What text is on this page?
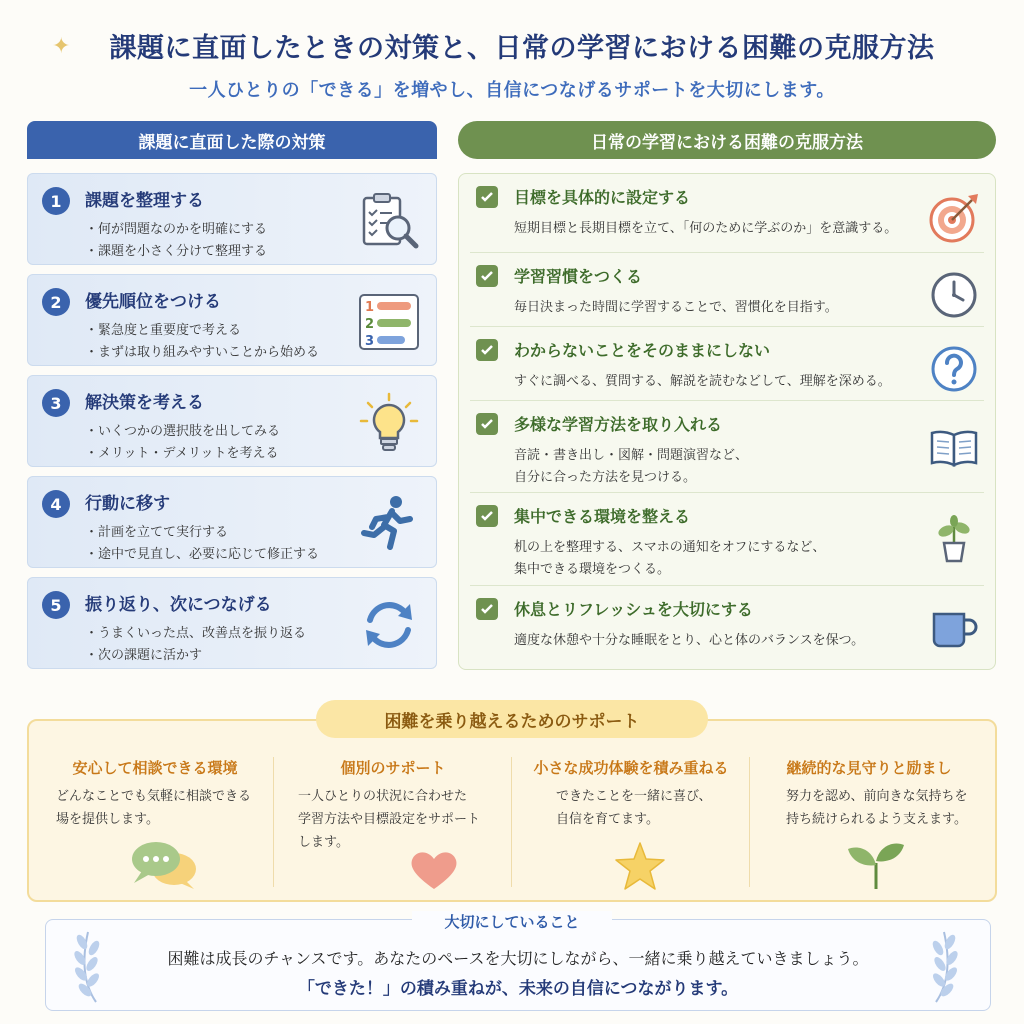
✦	課題に直面したときの対策と、日常の学習における困難の克服方法
一人ひとりの「できる」を増やし、自信につなげるサポートを大切にします。
課題に直面した際の対策
1	課題を整理する
・何が問題なのかを明確にする
・課題を小さく分けて整理する
2	優先順位をつける
・緊急度と重要度で考える
・まずは取り組みやすいことから始める
1
2
3
3	解決策を考える
・いくつかの選択肢を出してみる
・メリット・デメリットを考える
4	行動に移す
・計画を立てて実行する
・途中で見直し、必要に応じて修正する
5	振り返り、次につなげる
・うまくいった点、改善点を振り返る
・次の課題に活かす
日常の学習における困難の克服方法
目標を具体的に設定する
短期目標と長期目標を立て、「何のために学ぶのか」を意識する。
学習習慣をつくる
毎日決まった時間に学習することで、習慣化を目指す。
わからないことをそのままにしない
すぐに調べる、質問する、解説を読むなどして、理解を深める。
多様な学習方法を取り入れる
音読・書き出し・図解・問題演習など、
自分に合った方法を見つける。
集中できる環境を整える
机の上を整理する、スマホの通知をオフにするなど、
集中できる環境をつくる。
休息とリフレッシュを大切にする
適度な休憩や十分な睡眠をとり、心と体のバランスを保つ。
困難を乗り越えるためのサポート
安心して相談できる環境
どんなことでも気軽に相談できる
場を提供します。
個別のサポート
一人ひとりの状況に合わせた
学習方法や目標設定をサポート
します。
小さな成功体験を積み重ねる
できたことを一緒に喜び、
自信を育てます。
継続的な見守りと励まし
努力を認め、前向きな気持ちを
持ち続けられるよう支えます。
大切にしていること
困難は成長のチャンスです。あなたのペースを大切にしながら、一緒に乗り越えていきましょう。
「できた！」の積み重ねが、未来の自信につながります。
